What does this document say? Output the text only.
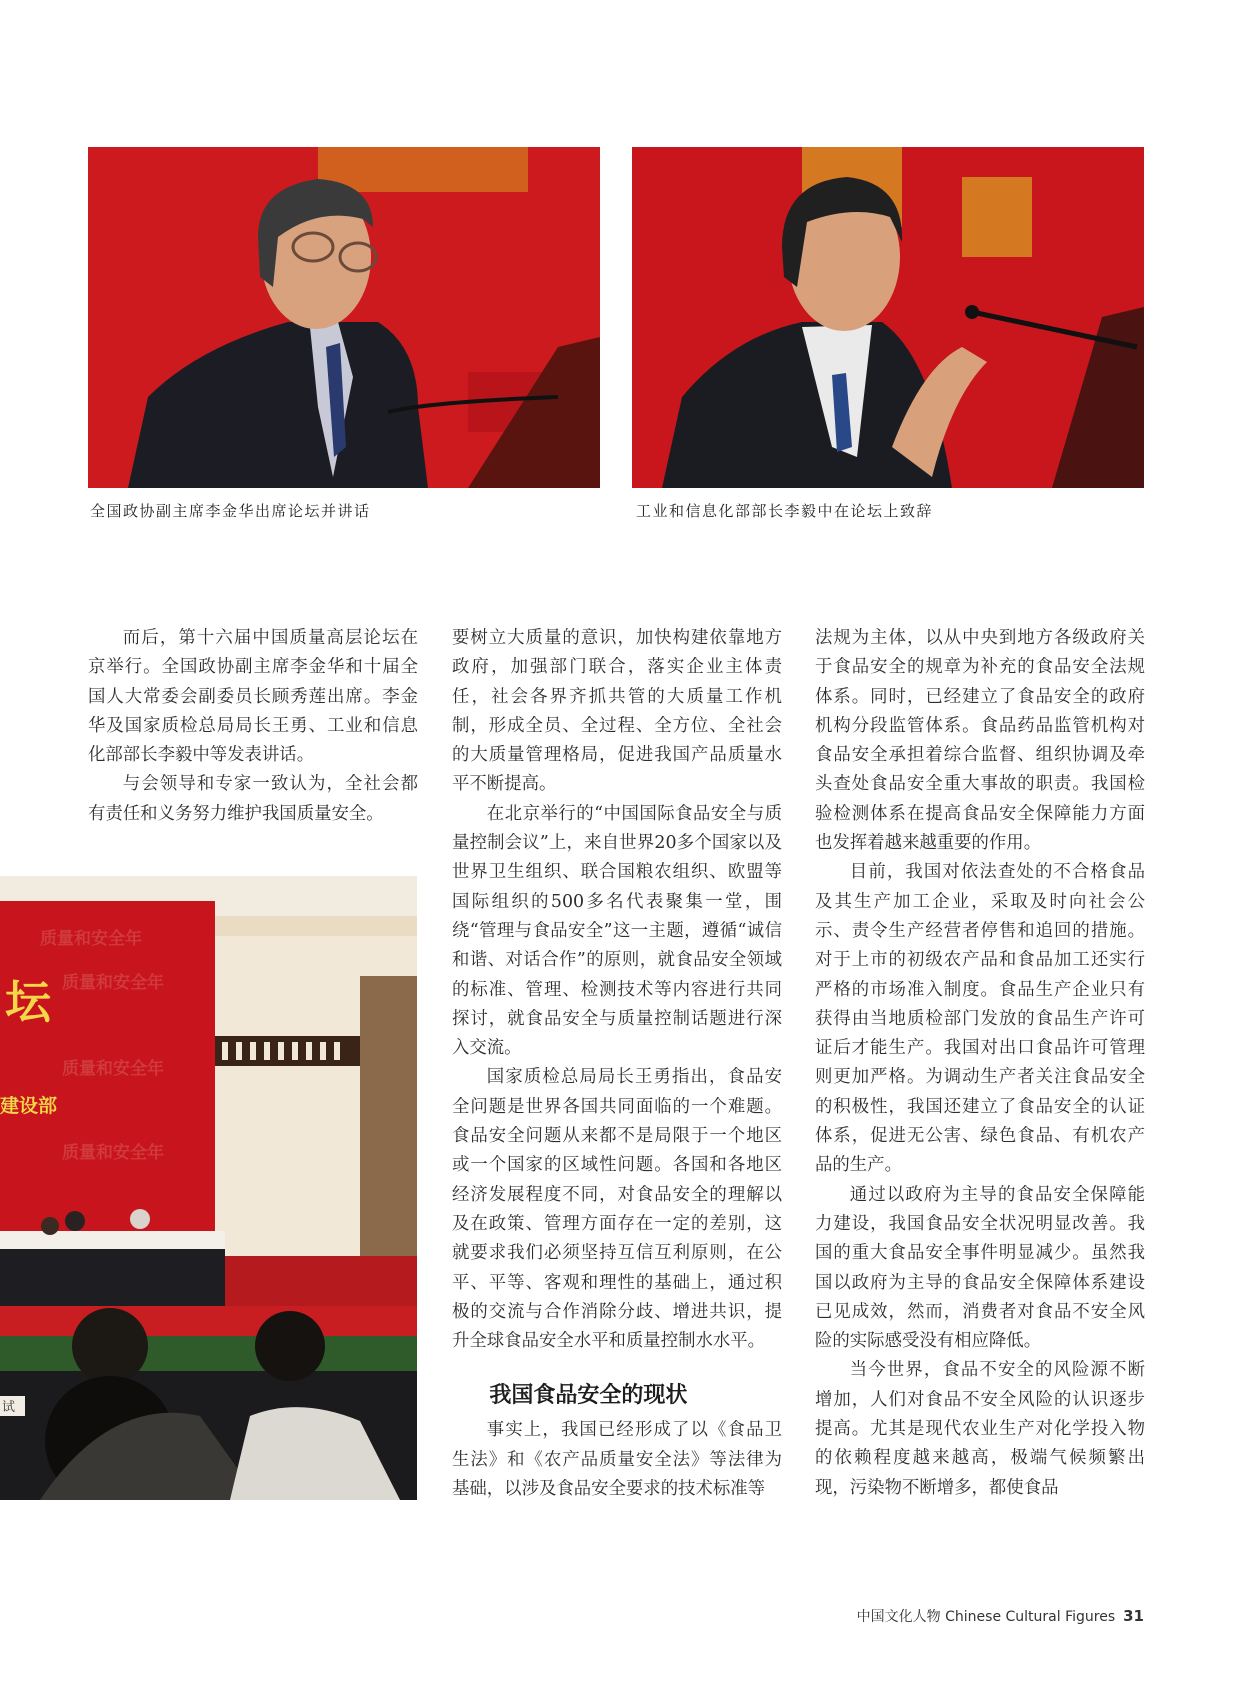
全国政协副主席李金华出席论坛并讲话	工业和信息化部部长李毅中在论坛上致辞
试
坛
建设部
质量和安全年
质量和安全年
质量和安全年
质量和安全年

而后，第十六届中国质量高层论坛在京举行。全国政协副主席李金华和十届全国人大常委会副委员长顾秀莲出席。李金华及国家质检总局局长王勇、工业和信息化部部长李毅中等发表讲话。

与会领导和专家一致认为，全社会都有责任和义务努力维护我国质量安全。

要树立大质量的意识，加快构建依靠地方政府，加强部门联合，落实企业主体责任，社会各界齐抓共管的大质量工作机制，形成全员、全过程、全方位、全社会的大质量管理格局，促进我国产品质量水平不断提高。

在北京举行的“中国国际食品安全与质量控制会议”上，来自世界20多个国家以及世界卫生组织、联合国粮农组织、欧盟等国际组织的500多名代表聚集一堂，围绕“管理与食品安全”这一主题，遵循“诚信和谐、对话合作”的原则，就食品安全领域的标准、管理、检测技术等内容进行共同探讨，就食品安全与质量控制话题进行深入交流。

国家质检总局局长王勇指出，食品安全问题是世界各国共同面临的一个难题。食品安全问题从来都不是局限于一个地区或一个国家的区域性问题。各国和各地区经济发展程度不同，对食品安全的理解以及在政策、管理方面存在一定的差别，这就要求我们必须坚持互信互利原则，在公平、平等、客观和理性的基础上，通过积极的交流与合作消除分歧、增进共识，提升全球食品安全水平和质量控制水水平。

我国食品安全的现状

事实上，我国已经形成了以《食品卫生法》和《农产品质量安全法》等法律为基础，以涉及食品安全要求的技术标准等

法规为主体，以从中央到地方各级政府关于食品安全的规章为补充的食品安全法规体系。同时，已经建立了食品安全的政府机构分段监管体系。食品药品监管机构对食品安全承担着综合监督、组织协调及牵头查处食品安全重大事故的职责。我国检验检测体系在提高食品安全保障能力方面也发挥着越来越重要的作用。

目前，我国对依法查处的不合格食品及其生产加工企业，采取及时向社会公示、责令生产经营者停售和追回的措施。对于上市的初级农产品和食品加工还实行严格的市场准入制度。食品生产企业只有获得由当地质检部门发放的食品生产许可证后才能生产。我国对出口食品许可管理则更加严格。为调动生产者关注食品安全的积极性，我国还建立了食品安全的认证体系，促进无公害、绿色食品、有机农产品的生产。

通过以政府为主导的食品安全保障能力建设，我国食品安全状况明显改善。我国的重大食品安全事件明显减少。虽然我国以政府为主导的食品安全保障体系建设已见成效，然而，消费者对食品不安全风险的实际感受没有相应降低。

当今世界，食品不安全的风险源不断增加，人们对食品不安全风险的认识逐步提高。尤其是现代农业生产对化学投入物的依赖程度越来越高，极端气候频繁出现，污染物不断增多，都使食品

中国文化人物 Chinese Cultural Figures 31
